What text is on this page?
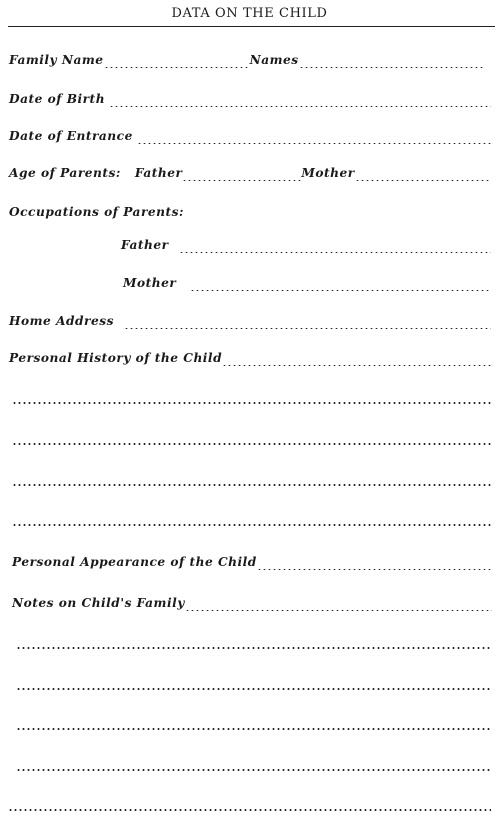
DATA ON THE CHILD
Family Name	Names
Date of Birth
Date of Entrance
Age of Parents: Father	Mother
Occupations of Parents:
Father
Mother
Home Address
Personal History of the Child
Personal Appearance of the Child
Notes on Child's Family
